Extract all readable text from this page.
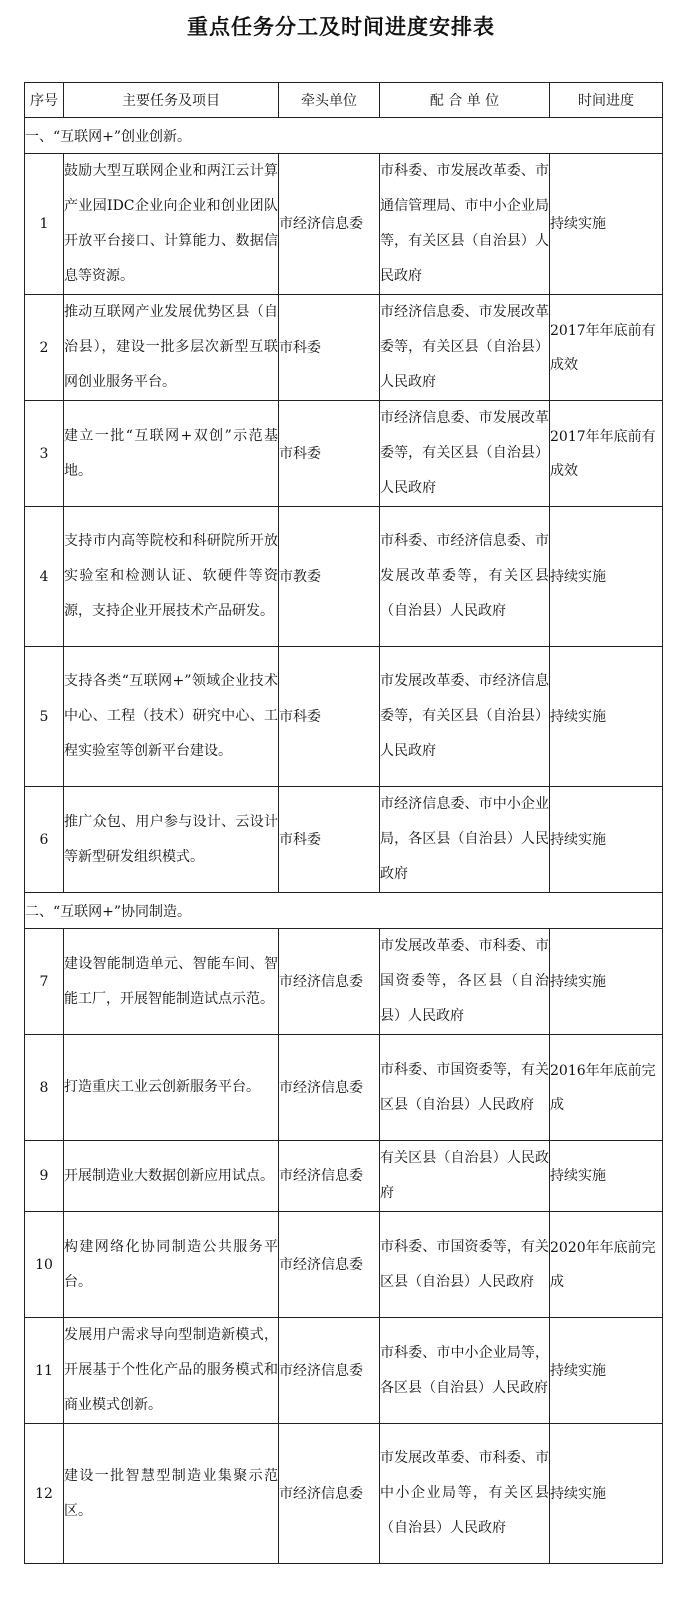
重点任务分工及时间进度安排表
序号	主要任务及项目	牵头单位	配 合 单 位	时间进度
一、“互联网+”创业创新。				
1	鼓励大型互联网企业和两江云计算产业园IDC企业向企业和创业团队开放平台接口、计算能力、数据信息等资源。	市经济信息委	市科委、市发展改革委、市通信管理局、市中小企业局等，有关区县（自治县）人民政府	持续实施
2	推动互联网产业发展优势区县（自治县），建设一批多层次新型互联网创业服务平台。	市科委	市经济信息委、市发展改革委等，有关区县（自治县）人民政府	2017年年底前有成效
3	建立一批“互联网+双创”示范基地。	市科委	市经济信息委、市发展改革委等，有关区县（自治县）人民政府	2017年年底前有成效
4	支持市内高等院校和科研院所开放实验室和检测认证、软硬件等资源，支持企业开展技术产品研发。	市教委	市科委、市经济信息委、市发展改革委等，有关区县（自治县）人民政府	持续实施
5	支持各类“互联网+”领域企业技术中心、工程（技术）研究中心、工程实验室等创新平台建设。	市科委	市发展改革委、市经济信息委等，有关区县（自治县）人民政府	持续实施
6	推广众包、用户参与设计、云设计等新型研发组织模式。	市科委	市经济信息委、市中小企业局，各区县（自治县）人民政府	持续实施
二、“互联网+”协同制造。				
7	建设智能制造单元、智能车间、智能工厂，开展智能制造试点示范。	市经济信息委	市发展改革委、市科委、市国资委等，各区县（自治县）人民政府	持续实施
8	打造重庆工业云创新服务平台。	市经济信息委	市科委、市国资委等，有关区县（自治县）人民政府	2016年年底前完成
9	开展制造业大数据创新应用试点。	市经济信息委	有关区县（自治县）人民政府	持续实施
10	构建网络化协同制造公共服务平台。	市经济信息委	市科委、市国资委等，有关区县（自治县）人民政府	2020年年底前完成
11	发展用户需求导向型制造新模式，开展基于个性化产品的服务模式和商业模式创新。	市经济信息委	市科委、市中小企业局等，各区县（自治县）人民政府	持续实施
12	建设一批智慧型制造业集聚示范区。	市经济信息委	市发展改革委、市科委、市中小企业局等，有关区县（自治县）人民政府	持续实施
